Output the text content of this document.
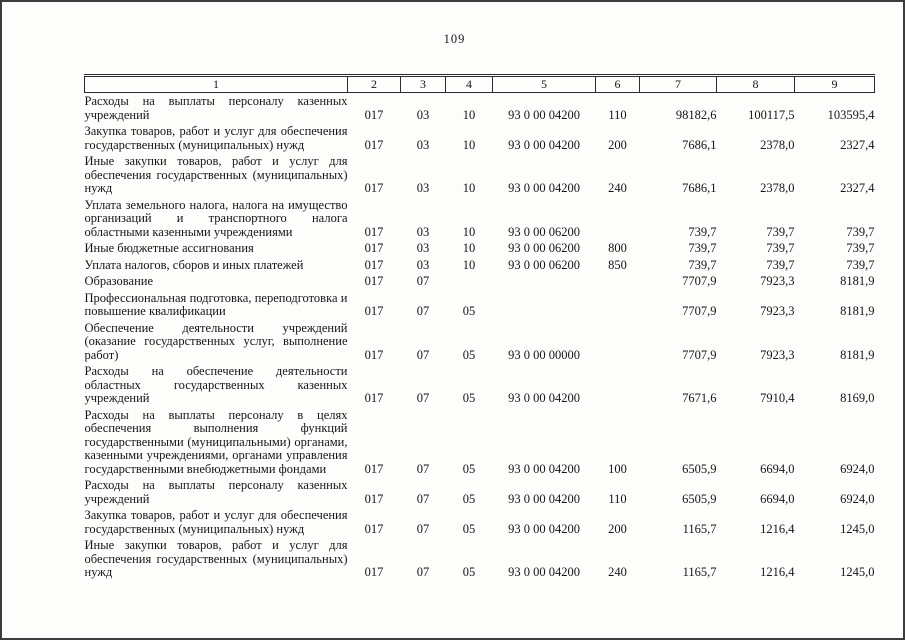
109
1	2	3	4	5	6	7	8	9
Расходы на выплаты персоналу казенных учреждений	017	03	10	93 0 00 04200	110	98182,6	100117,5	103595,4
Закупка товаров, работ и услуг для обеспечения государственных (муниципальных) нужд	017	03	10	93 0 00 04200	200	7686,1	2378,0	2327,4
Иные закупки товаров, работ и услуг для обеспечения государственных (муниципальных) нужд	017	03	10	93 0 00 04200	240	7686,1	2378,0	2327,4
Уплата земельного налога, налога на имущество организаций и транспортного налога областными казенными учреждениями	017	03	10	93 0 00 06200		739,7	739,7	739,7
Иные бюджетные ассигнования	017	03	10	93 0 00 06200	800	739,7	739,7	739,7
Уплата налогов, сборов и иных платежей	017	03	10	93 0 00 06200	850	739,7	739,7	739,7
Образование	017	07				7707,9	7923,3	8181,9
Профессиональная подготовка, переподготовка и повышение квалификации	017	07	05			7707,9	7923,3	8181,9
Обеспечение деятельности учреждений (оказание государственных услуг, выполнение работ)	017	07	05	93 0 00 00000		7707,9	7923,3	8181,9
Расходы на обеспечение деятельности областных государственных казенных учреждений	017	07	05	93 0 00 04200		7671,6	7910,4	8169,0
Расходы на выплаты персоналу в целях обеспечения выполнения функций государственными (муниципальными) органами, казенными учреждениями, органами управления государственными внебюджетными фондами	017	07	05	93 0 00 04200	100	6505,9	6694,0	6924,0
Расходы на выплаты персоналу казенных учреждений	017	07	05	93 0 00 04200	110	6505,9	6694,0	6924,0
Закупка товаров, работ и услуг для обеспечения государственных (муниципальных) нужд	017	07	05	93 0 00 04200	200	1165,7	1216,4	1245,0
Иные закупки товаров, работ и услуг для обеспечения государственных (муниципальных) нужд	017	07	05	93 0 00 04200	240	1165,7	1216,4	1245,0
